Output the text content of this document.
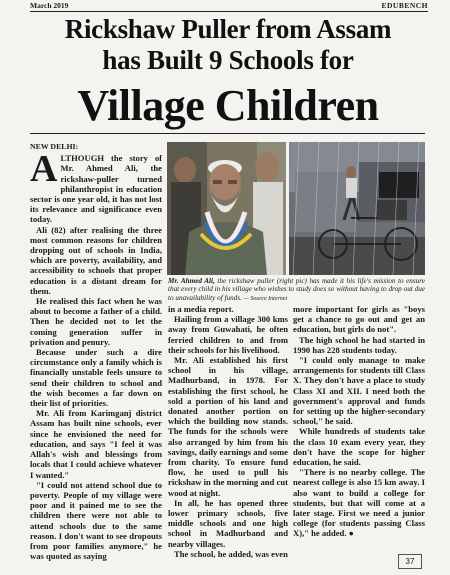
March 2019	EDUBENCH
Rickshaw Puller from Assam
has Built 9 Schools for
Village Children
NEW DELHI:
A LTHOUGH the story of Mr. Ahmed Ali, the rickshaw-puller turned philanthropist in education sector is one year old, it has not lost its relevance and significance even today.

Ali (82) after realising the three most common reasons for children dropping out of schools in India, which are poverty, availability, and accessibility to schools that proper education is a distant dream for them.

He realised this fact when he was about to become a father of a child. Then he decided not to let the coming generation suffer in privation and penury.

Because under such a dire circumstance only a family which is financially unstable feels unsure to send their children to school and the wish becomes a far down on their list of priorities.

Mr. Ali from Karimganj district Assam has built nine schools, ever since he envisioned the need for education, and says "I feel it was Allah's wish and blessings from locals that I could achieve whatever I wanted."

"I could not attend school due to poverty. People of my village were poor and it pained me to see the children there were not able to attend schools due to the same reason. I don't want to see dropouts from poor families anymore," he was quoted as saying

Mr. Ahmed Ali, the rickshaw puller (right pic) has made it his life's mission to ensure that every child in his village who wishes to study does so without having to drop out due to unavailability of funds. — Source Internet

in a media report.

Hailing from a village 300 kms away from Guwahati, he often ferried children to and from their schools for his livelihood.

Mr. Ali established his first school in his village, Madhurband, in 1978. For establishing the first school, he sold a portion of his land and donated another portion on which the building now stands. The funds for the schools were also arranged by him from his savings, daily earnings and some from charity. To ensure fund flow, he used to pull his rickshaw in the morning and cut wood at night.

In all, he has opened three lower primary schools, five middle schools and one high school in Madhurband and nearby villages.

The school, he added, was even

more important for girls as "boys get a chance to go out and get an education, but girls do not".

The high school he had started in 1990 has 228 students today.

"I could only manage to make arrangements for students till Class X. They don't have a place to study Class XI and XII. I need both the government's approval and funds for setting up the higher-secondary school," he said.

While hundreds of students take the class 10 exam every year, they don't have the scope for higher education, he said.

"There is no nearby college. The nearest college is also 15 km away. I also want to build a college for students, but that will come at a later stage. First we need a junior college (for students passing Class X)," he added. ●

37
